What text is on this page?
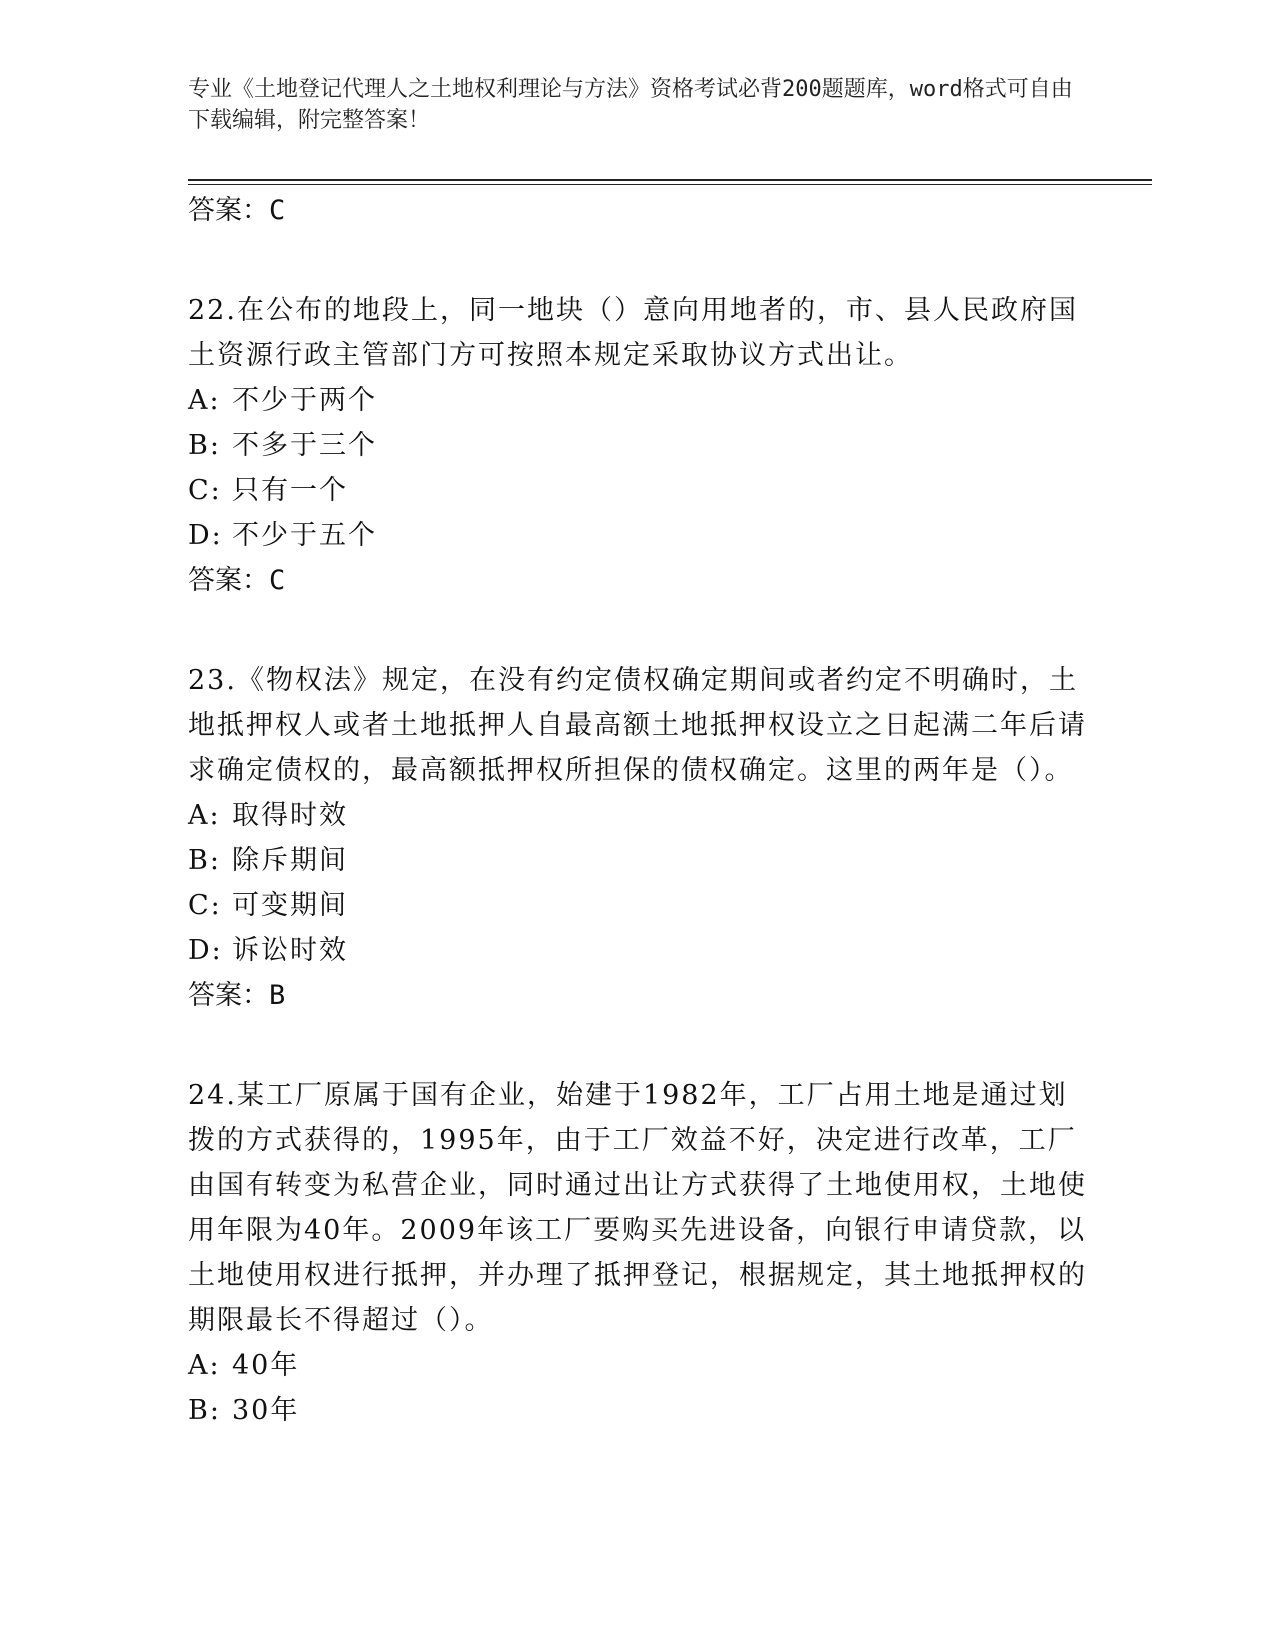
专业《土地登记代理人之土地权利理论与方法》资格考试必背200题题库，word格式可自由下载编辑，附完整答案！
答案：C
22.在公布的地段上，同一地块（）意向用地者的，市、县人民政府国土资源行政主管部门方可按照本规定采取协议方式出让。
A: 不少于两个
B: 不多于三个
C: 只有一个
D: 不少于五个
答案：C
23.《物权法》规定，在没有约定债权确定期间或者约定不明确时，土地抵押权人或者土地抵押人自最高额土地抵押权设立之日起满二年后请求确定债权的，最高额抵押权所担保的债权确定。这里的两年是（）。
A: 取得时效
B: 除斥期间
C: 可变期间
D: 诉讼时效
答案：B
24.某工厂原属于国有企业，始建于1982年，工厂占用土地是通过划拨的方式获得的，1995年，由于工厂效益不好，决定进行改革，工厂由国有转变为私营企业，同时通过出让方式获得了土地使用权，土地使用年限为40年。2009年该工厂要购买先进设备，向银行申请贷款，以土地使用权进行抵押，并办理了抵押登记，根据规定，其土地抵押权的期限最长不得超过（）。
A: 40年
B: 30年
